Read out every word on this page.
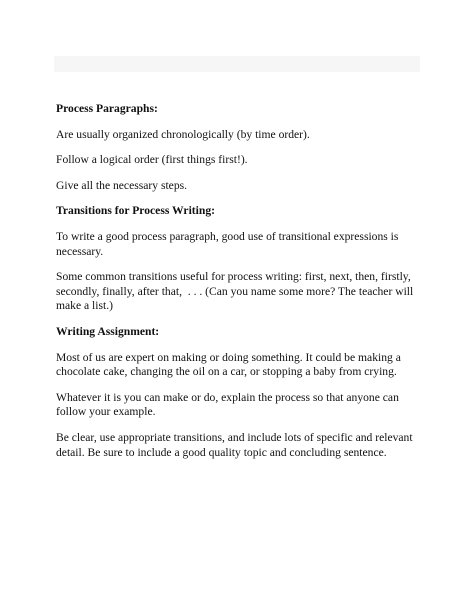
Process Paragraphs:

Are usually organized chronologically (by time order).

Follow a logical order (first things first!).

Give all the necessary steps.

Transitions for Process Writing:

To write a good process paragraph, good use of transitional expressions is necessary.

Some common transitions useful for process writing: first, next, then, firstly, secondly, finally, after that,  . . . (Can you name some more? The teacher will make a list.)

Writing Assignment:

Most of us are expert on making or doing something. It could be making a chocolate cake, changing the oil on a car, or stopping a baby from crying.

Whatever it is you can make or do, explain the process so that anyone can follow your example.

Be clear, use appropriate transitions, and include lots of specific and relevant detail. Be sure to include a good quality topic and concluding sentence.
